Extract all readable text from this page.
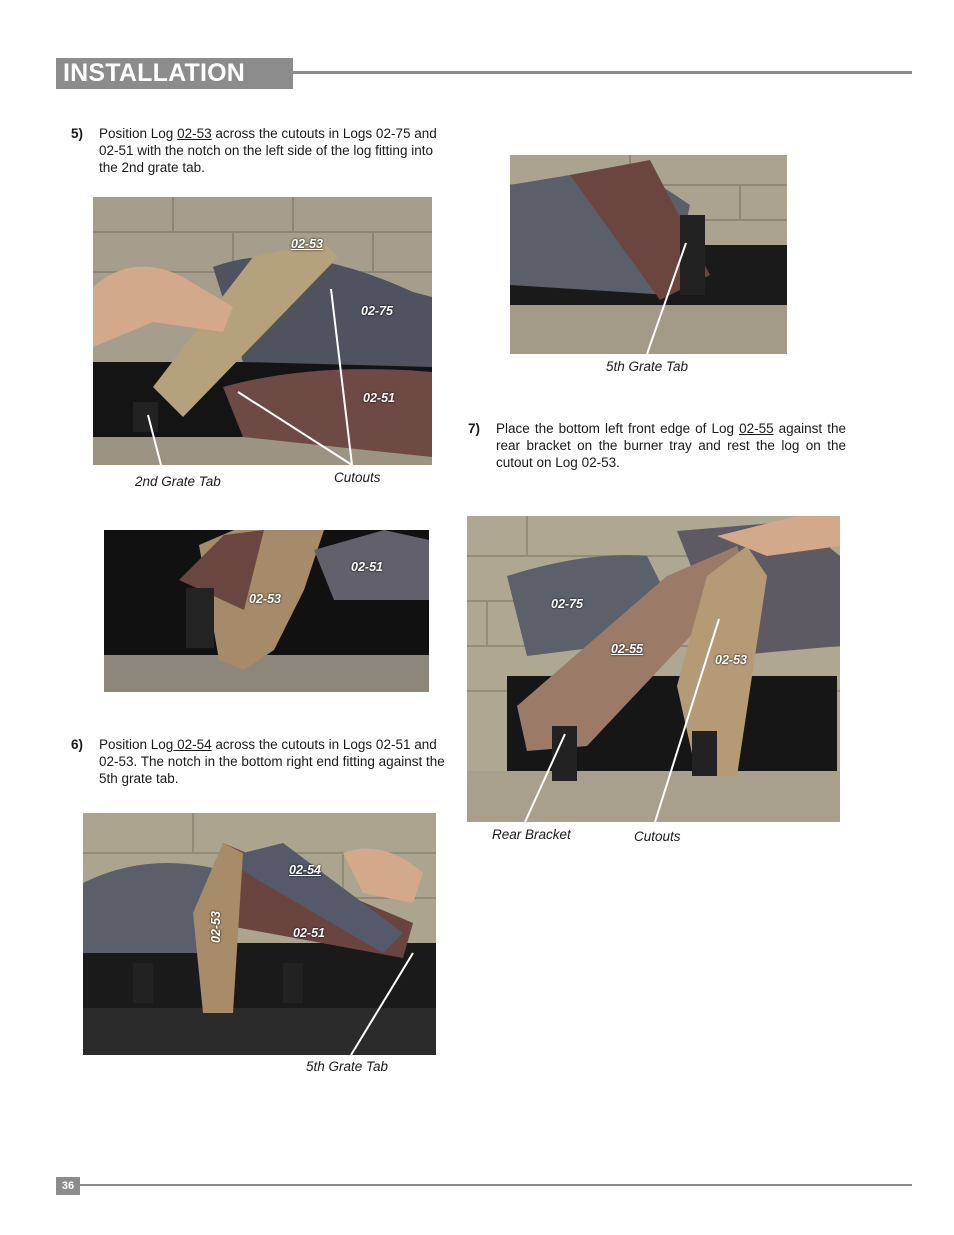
INSTALLATION
5) Position Log 02-53 across the cutouts in Logs 02-75 and 02-51 with the notch on the left side of the log fitting into the 2nd grate tab.
02-53
02-75
02-51
2nd Grate Tab	Cutouts
5th Grate Tab
7) Place the bottom left front edge of Log 02-55 against the rear bracket on the burner tray and rest the log on the cutout on Log 02-53.
02-51
02-53	02-75
02-55
02-53
Rear Bracket	Cutouts
6) Position Log 02-54 across the cutouts in Logs 02-51 and 02-53. The notch in the bottom right end fitting against the 5th grate tab.
02-54
02-51
02-53
5th Grate Tab
36
